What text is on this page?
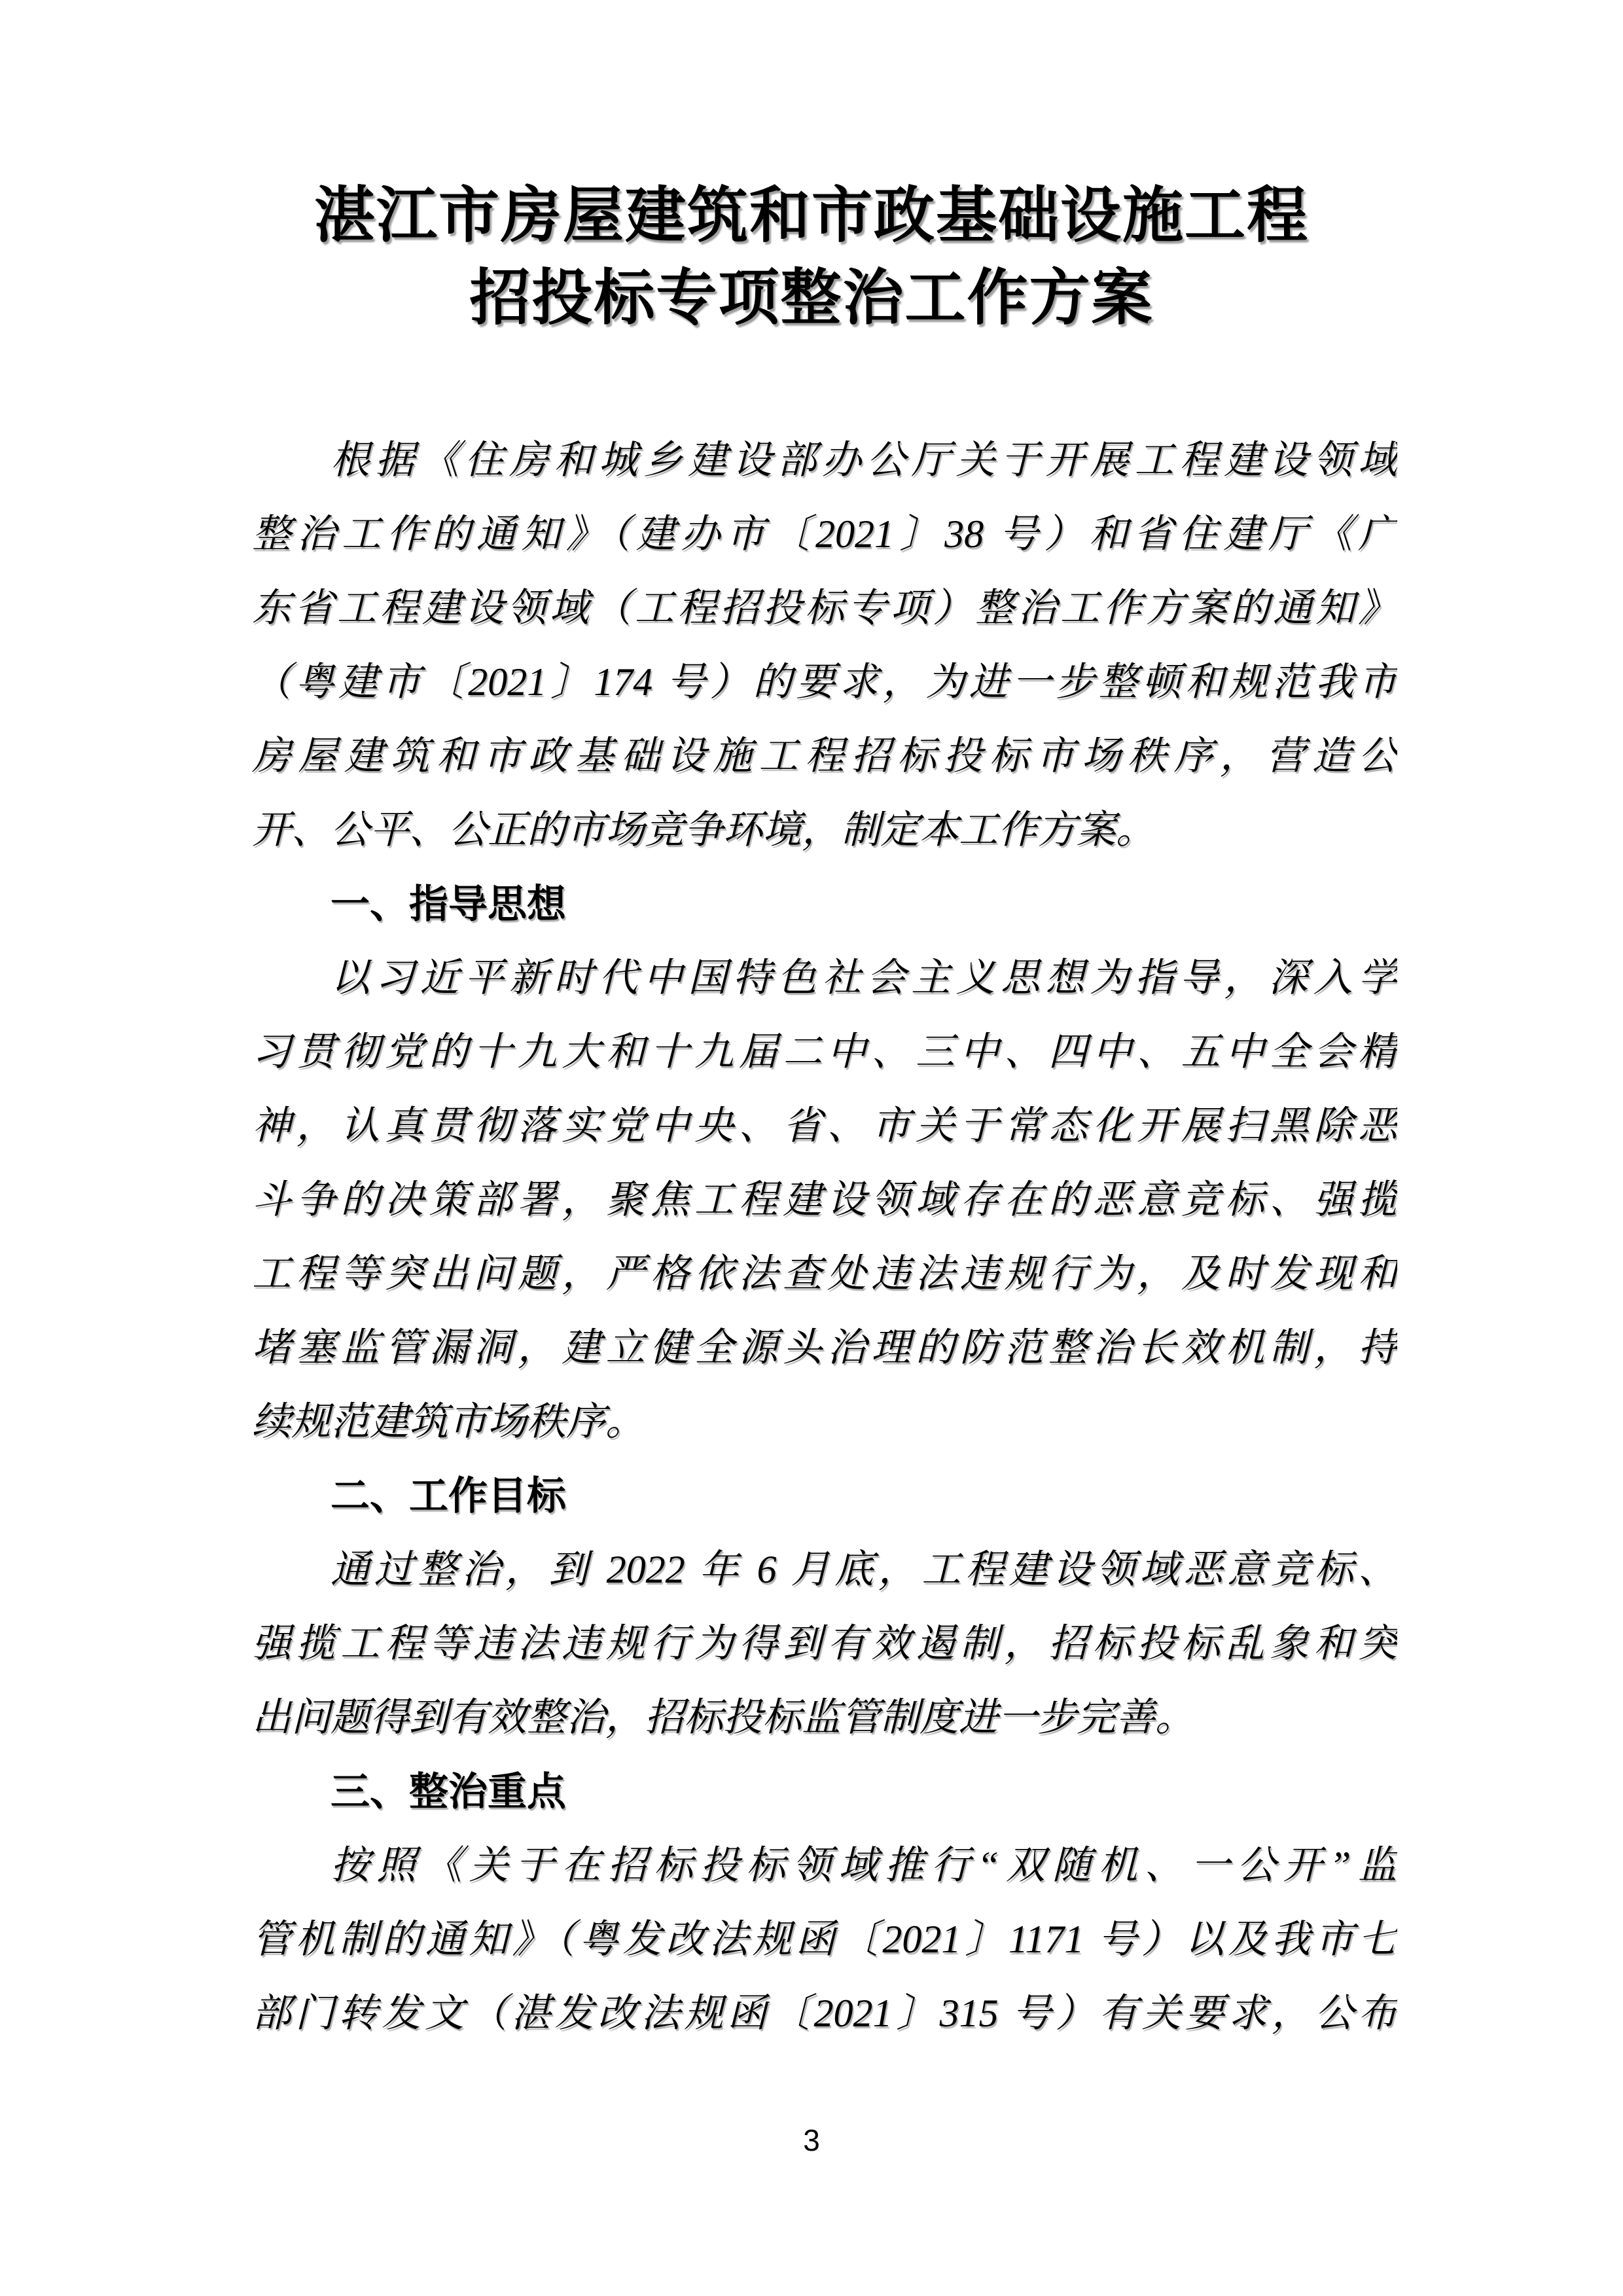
湛江市房屋建筑和市政基础设施工程
招投标专项整治工作方案
根据《住房和城乡建设部办公厅关于开展工程建设领域
整治工作的通知》（建办市〔2021〕38 号）和省住建厅《广
东省工程建设领域（工程招投标专项）整治工作方案的通知》
（粤建市〔2021〕174 号）的要求，为进一步整顿和规范我市
房屋建筑和市政基础设施工程招标投标市场秩序，营造公
开、公平、公正的市场竞争环境，制定本工作方案。
一、指导思想
以习近平新时代中国特色社会主义思想为指导，深入学
习贯彻党的十九大和十九届二中、三中、四中、五中全会精
神，认真贯彻落实党中央、省、市关于常态化开展扫黑除恶
斗争的决策部署，聚焦工程建设领域存在的恶意竞标、强揽
工程等突出问题，严格依法查处违法违规行为，及时发现和
堵塞监管漏洞，建立健全源头治理的防范整治长效机制，持
续规范建筑市场秩序。
二、工作目标
通过整治，到 2022 年 6 月底，工程建设领域恶意竞标、
强揽工程等违法违规行为得到有效遏制，招标投标乱象和突
出问题得到有效整治，招标投标监管制度进一步完善。
三、整治重点
按照《关于在招标投标领域推行“双随机、一公开”监
管机制的通知》（粤发改法规函〔2021〕1171 号）以及我市七
部门转发文（湛发改法规函〔2021〕315 号）有关要求，公布
3
